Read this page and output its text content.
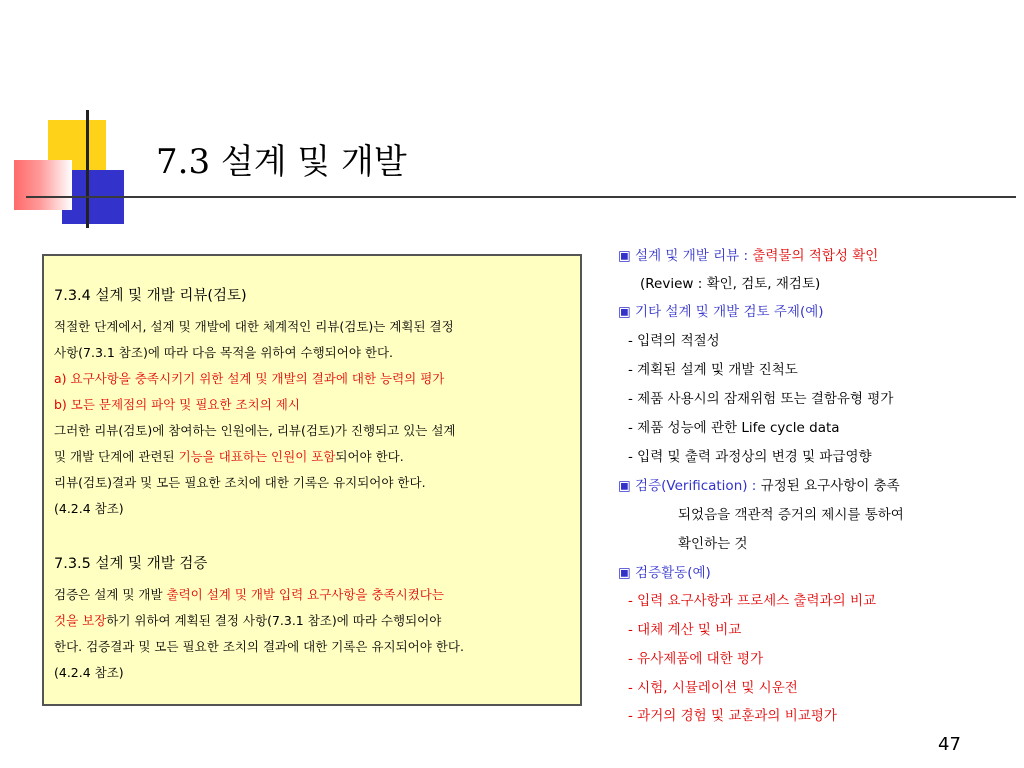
7.3 설계 및 개발
7.3.4 설계 및 개발 리뷰(검토)
적절한 단계에서, 설계 및 개발에 대한 체계적인 리뷰(검토)는 계획된 결정
사항(7.3.1 참조)에 따라 다음 목적을 위하여 수행되어야 한다.
a) 요구사항을 충족시키기 위한 설계 및 개발의 결과에 대한 능력의 평가
b) 모든 문제점의 파악 및 필요한 조치의 제시
그러한 리뷰(검토)에 참여하는 인원에는, 리뷰(검토)가 진행되고 있는 설계
및 개발 단계에 관련된 기능을 대표하는 인원이 포함되어야 한다.
리뷰(검토)결과 및 모든 필요한 조치에 대한 기록은 유지되어야 한다.
(4.2.4 참조)
7.3.5 설계 및 개발 검증
검증은 설계 및 개발 출력이 설계 및 개발 입력 요구사항을 충족시켰다는
것을 보장하기 위하여 계획된 결정 사항(7.3.1 참조)에 따라 수행되어야
한다. 검증결과 및 모든 필요한 조치의 결과에 대한 기록은 유지되어야 한다.
(4.2.4 참조)
▣ 설계 및 개발 리뷰 : 출력물의 적합성 확인
(Review : 확인, 검토, 재검토)
▣ 기타 설계 및 개발 검토 주제(예)
- 입력의 적절성
- 계획된 설계 및 개발 진척도
- 제품 사용시의 잠재위험 또는 결함유형 평가
- 제품 성능에 관한 Life cycle data
- 입력 및 출력 과정상의 변경 및 파급영향
▣ 검증(Verification) : 규정된 요구사항이 충족
되었음을 객관적 증거의 제시를 통하여
확인하는 것
▣ 검증활동(예)
- 입력 요구사항과 프로세스 출력과의 비교
- 대체 계산 및 비교
- 유사제품에 대한 평가
- 시험, 시뮬레이션 및 시운전
- 과거의 경험 및 교훈과의 비교평가
47
